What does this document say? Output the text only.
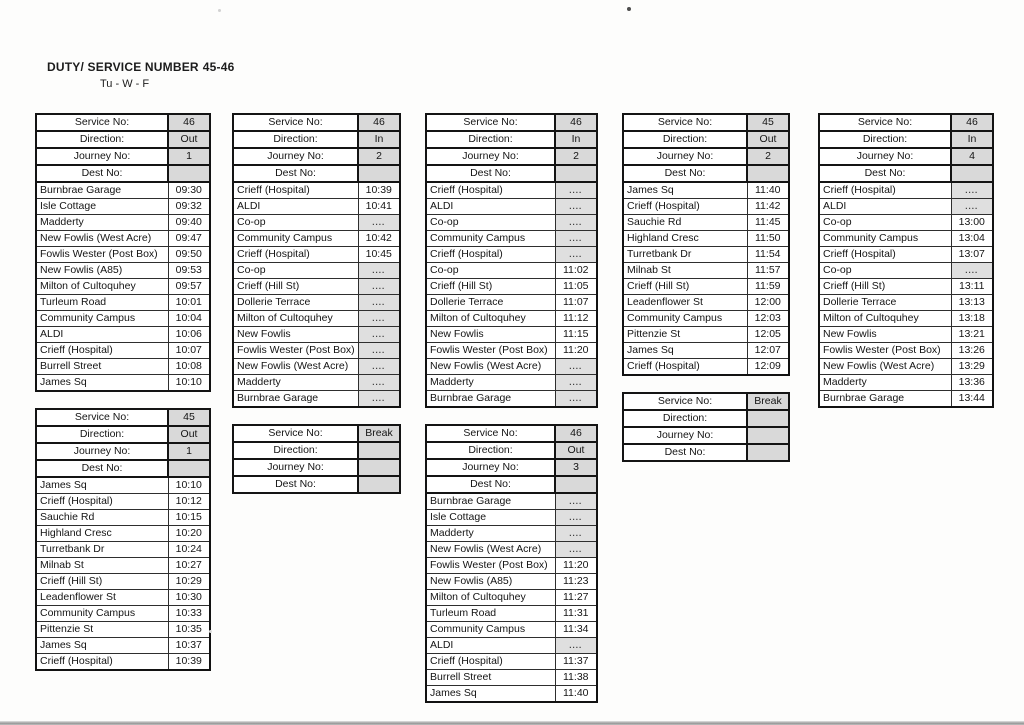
DUTY/ SERVICE NUMBER 45-46
Tu - W - F
Service No:	46
Direction:	Out
Journey No:	1
Dest No:	
Burnbrae Garage	09:30
Isle Cottage	09:32
Madderty	09:40
New Fowlis (West Acre)	09:47
Fowlis Wester (Post Box)	09:50
New Fowlis (A85)	09:53
Milton of Cultoquhey	09:57
Turleum Road	10:01
Community Campus	10:04
ALDI	10:06
Crieff (Hospital)	10:07
Burrell Street	10:08
James Sq	10:10
Service No:	45
Direction:	Out
Journey No:	1
Dest No:	
James Sq	10:10
Crieff (Hospital)	10:12
Sauchie Rd	10:15
Highland Cresc	10:20
Turretbank Dr	10:24
Milnab St	10:27
Crieff (Hill St)	10:29
Leadenflower St	10:30
Community Campus	10:33
Pittenzie St	10:35
James Sq	10:37
Crieff (Hospital)	10:39
Service No:	46
Direction:	In
Journey No:	2
Dest No:	
Crieff (Hospital)	10:39
ALDI	10:41
Co-op	....
Community Campus	10:42
Crieff (Hospital)	10:45
Co-op	....
Crieff (Hill St)	....
Dollerie Terrace	....
Milton of Cultoquhey	....
New Fowlis	....
Fowlis Wester (Post Box)	....
New Fowlis (West Acre)	....
Madderty	....
Burnbrae Garage	....
Service No:	Break
Direction:	
Journey No:	
Dest No:	
Service No:	46
Direction:	In
Journey No:	2
Dest No:	
Crieff (Hospital)	....
ALDI	....
Co-op	....
Community Campus	....
Crieff (Hospital)	....
Co-op	11:02
Crieff (Hill St)	11:05
Dollerie Terrace	11:07
Milton of Cultoquhey	11:12
New Fowlis	11:15
Fowlis Wester (Post Box)	11:20
New Fowlis (West Acre)	....
Madderty	....
Burnbrae Garage	....
Service No:	46
Direction:	Out
Journey No:	3
Dest No:	
Burnbrae Garage	....
Isle Cottage	....
Madderty	....
New Fowlis (West Acre)	....
Fowlis Wester (Post Box)	11:20
New Fowlis (A85)	11:23
Milton of Cultoquhey	11:27
Turleum Road	11:31
Community Campus	11:34
ALDI	....
Crieff (Hospital)	11:37
Burrell Street	11:38
James Sq	11:40
Service No:	45
Direction:	Out
Journey No:	2
Dest No:	
James Sq	11:40
Crieff (Hospital)	11:42
Sauchie Rd	11:45
Highland Cresc	11:50
Turretbank Dr	11:54
Milnab St	11:57
Crieff (Hill St)	11:59
Leadenflower St	12:00
Community Campus	12:03
Pittenzie St	12:05
James Sq	12:07
Crieff (Hospital)	12:09
Service No:	Break
Direction:	
Journey No:	
Dest No:	
Service No:	46
Direction:	In
Journey No:	4
Dest No:	
Crieff (Hospital)	....
ALDI	....
Co-op	13:00
Community Campus	13:04
Crieff (Hospital)	13:07
Co-op	....
Crieff (Hill St)	13:11
Dollerie Terrace	13:13
Milton of Cultoquhey	13:18
New Fowlis	13:21
Fowlis Wester (Post Box)	13:26
New Fowlis (West Acre)	13:29
Madderty	13:36
Burnbrae Garage	13:44
